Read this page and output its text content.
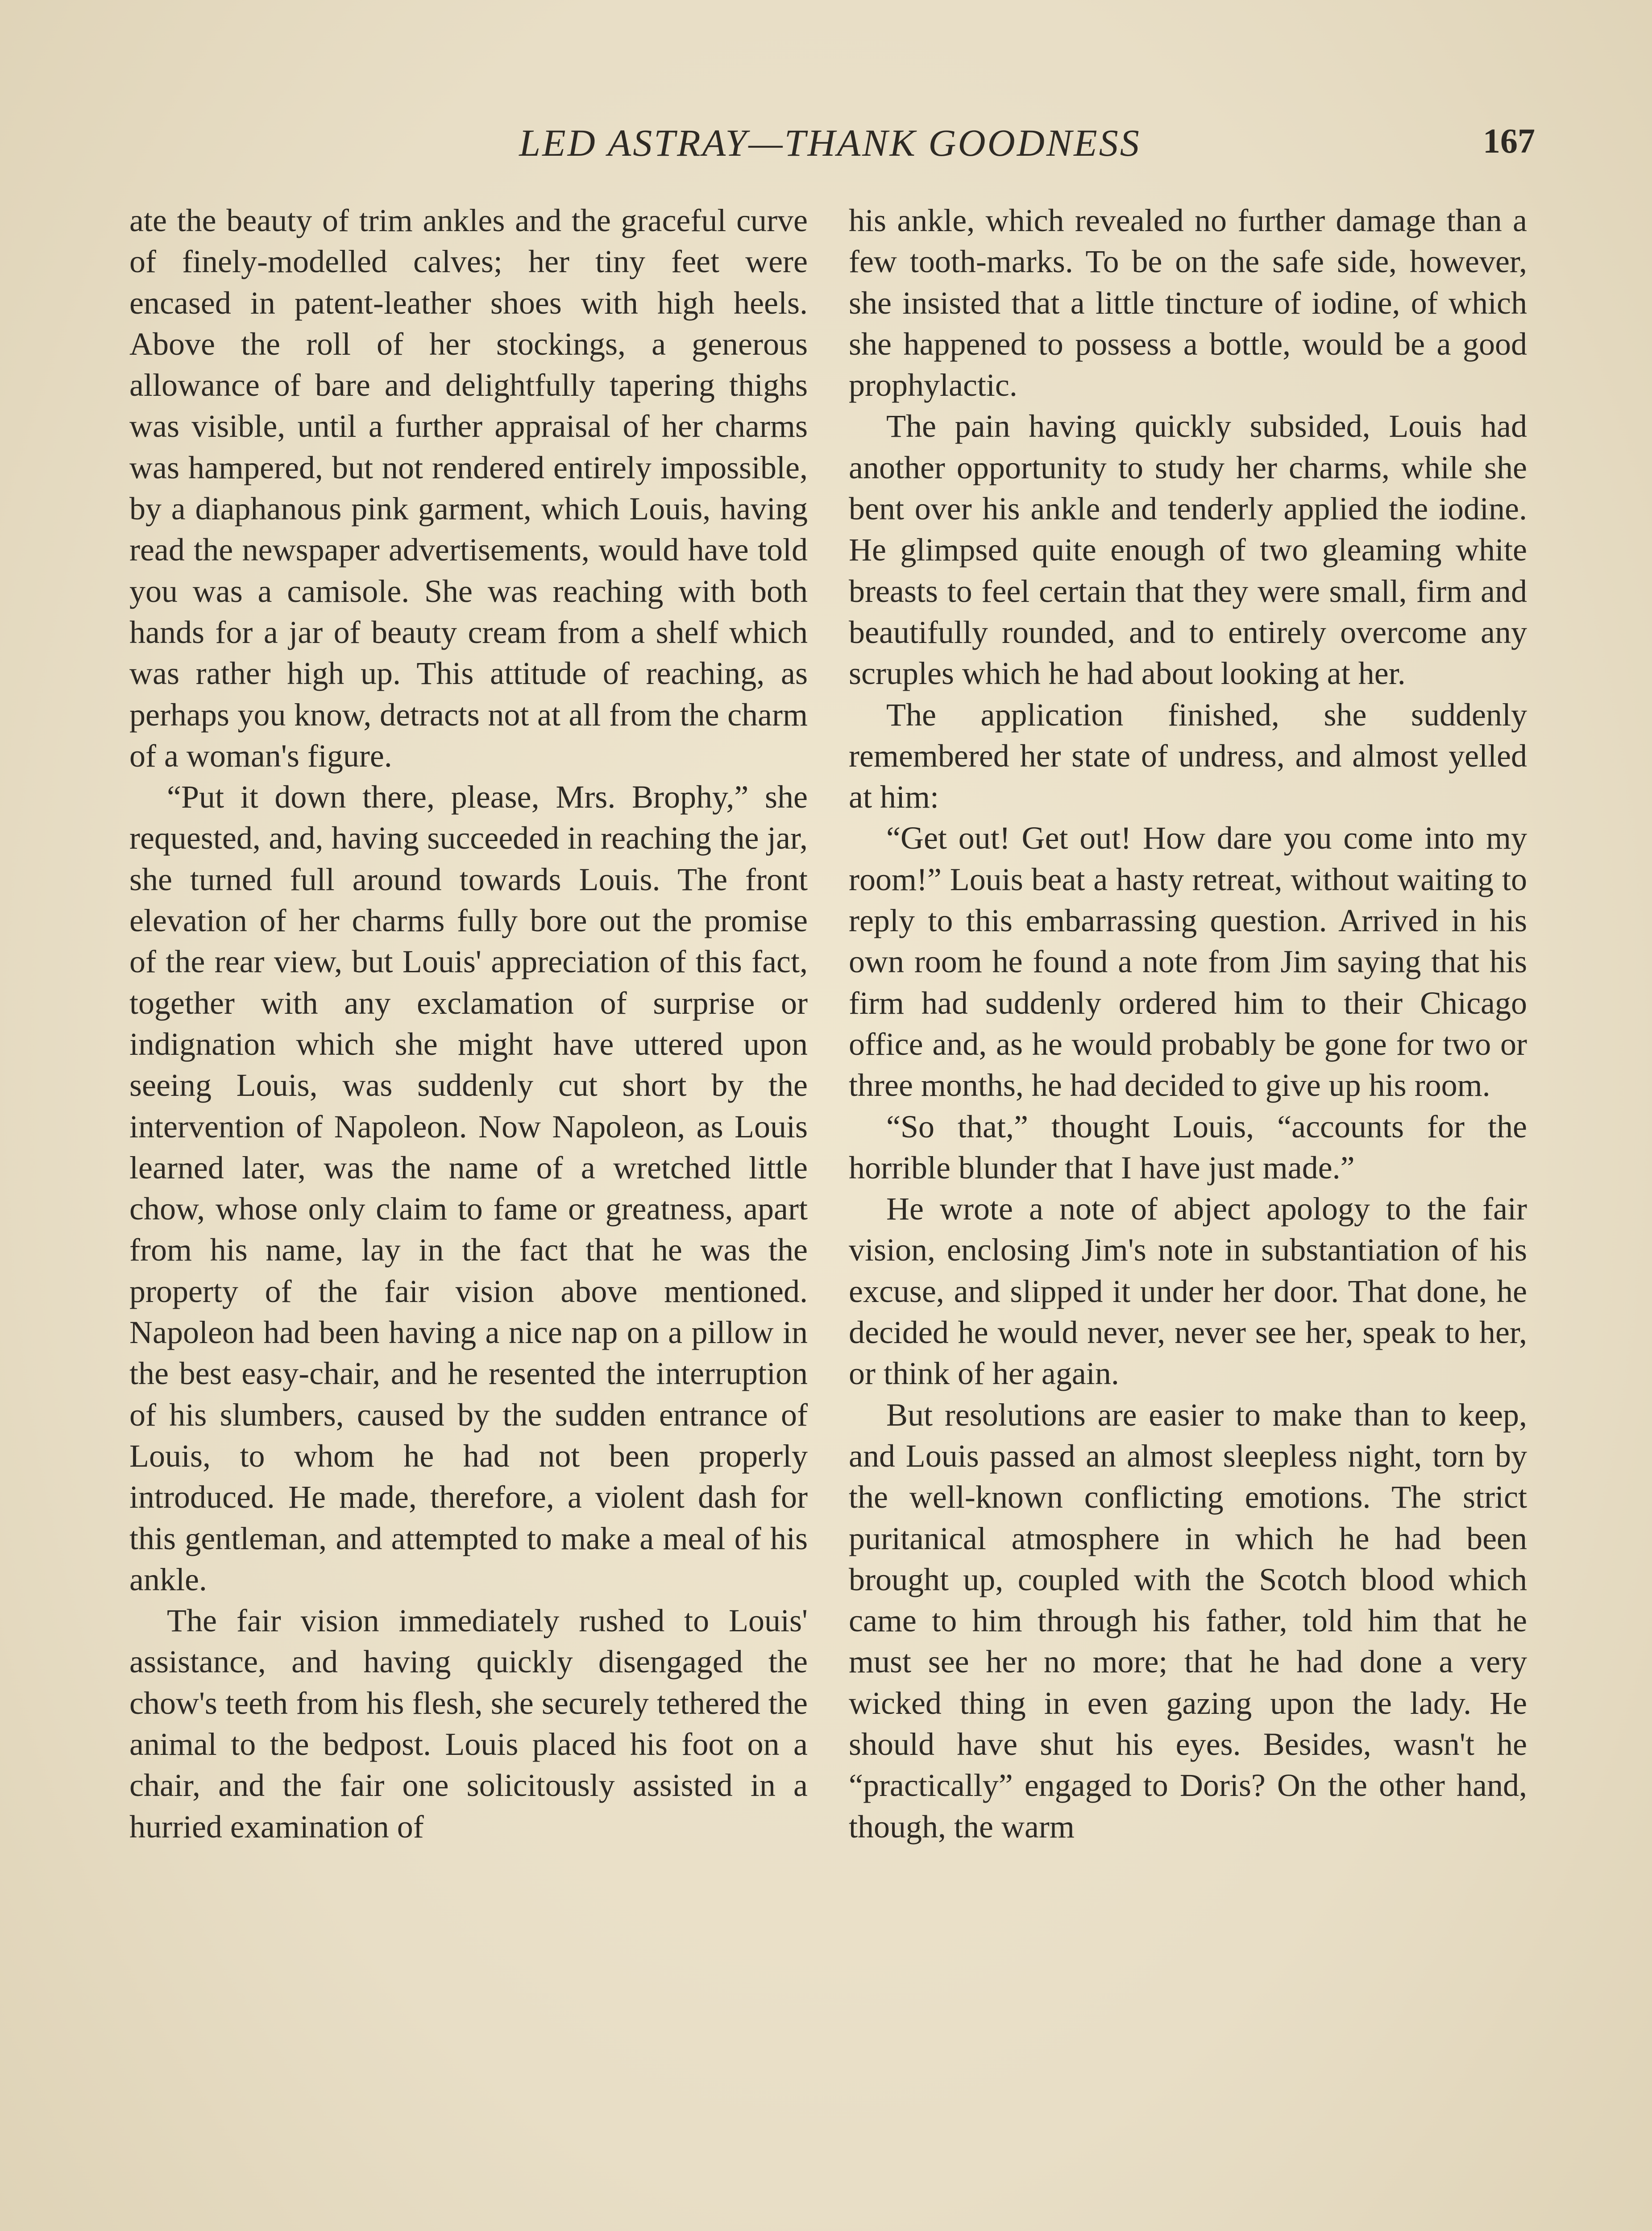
LED ASTRAY—THANK GOODNESS	167

ate the beauty of trim ankles and the graceful curve of finely-modelled calves; her tiny feet were encased in patent-leather shoes with high heels. Above the roll of her stockings, a generous allowance of bare and delightfully tapering thighs was visible, until a further appraisal of her charms was hampered, but not rendered entirely impossible, by a diaphanous pink garment, which Louis, having read the newspaper advertisements, would have told you was a camisole. She was reaching with both hands for a jar of beauty cream from a shelf which was rather high up. This attitude of reaching, as perhaps you know, detracts not at all from the charm of a woman's figure.

“Put it down there, please, Mrs. Brophy,” she requested, and, having succeeded in reaching the jar, she turned full around towards Louis. The front elevation of her charms fully bore out the promise of the rear view, but Louis' appreciation of this fact, together with any exclamation of surprise or indignation which she might have uttered upon seeing Louis, was suddenly cut short by the intervention of Napoleon. Now Napoleon, as Louis learned later, was the name of a wretched little chow, whose only claim to fame or greatness, apart from his name, lay in the fact that he was the property of the fair vision above mentioned. Napoleon had been having a nice nap on a pillow in the best easy-chair, and he resented the interruption of his slumbers, caused by the sudden entrance of Louis, to whom he had not been properly introduced. He made, therefore, a violent dash for this gentleman, and attempted to make a meal of his ankle.

The fair vision immediately rushed to Louis' assistance, and having quickly disengaged the chow's teeth from his flesh, she securely tethered the animal to the bedpost. Louis placed his foot on a chair, and the fair one solicitously assisted in a hurried examination of

his ankle, which revealed no further damage than a few tooth-marks. To be on the safe side, however, she insisted that a little tincture of iodine, of which she happened to possess a bottle, would be a good prophylactic.

The pain having quickly subsided, Louis had another opportunity to study her charms, while she bent over his ankle and tenderly applied the iodine. He glimpsed quite enough of two gleaming white breasts to feel certain that they were small, firm and beautifully rounded, and to entirely overcome any scruples which he had about looking at her.

The application finished, she suddenly remembered her state of undress, and almost yelled at him:

“Get out! Get out! How dare you come into my room!” Louis beat a hasty retreat, without waiting to reply to this embarrassing question. Arrived in his own room he found a note from Jim saying that his firm had suddenly ordered him to their Chicago office and, as he would probably be gone for two or three months, he had decided to give up his room.

“So that,” thought Louis, “accounts for the horrible blunder that I have just made.”

He wrote a note of abject apology to the fair vision, enclosing Jim's note in substantiation of his excuse, and slipped it under her door. That done, he decided he would never, never see her, speak to her, or think of her again.

But resolutions are easier to make than to keep, and Louis passed an almost sleepless night, torn by the well-known conflicting emotions. The strict puritanical atmosphere in which he had been brought up, coupled with the Scotch blood which came to him through his father, told him that he must see her no more; that he had done a very wicked thing in even gazing upon the lady. He should have shut his eyes. Besides, wasn't he “practically” engaged to Doris? On the other hand, though, the warm
